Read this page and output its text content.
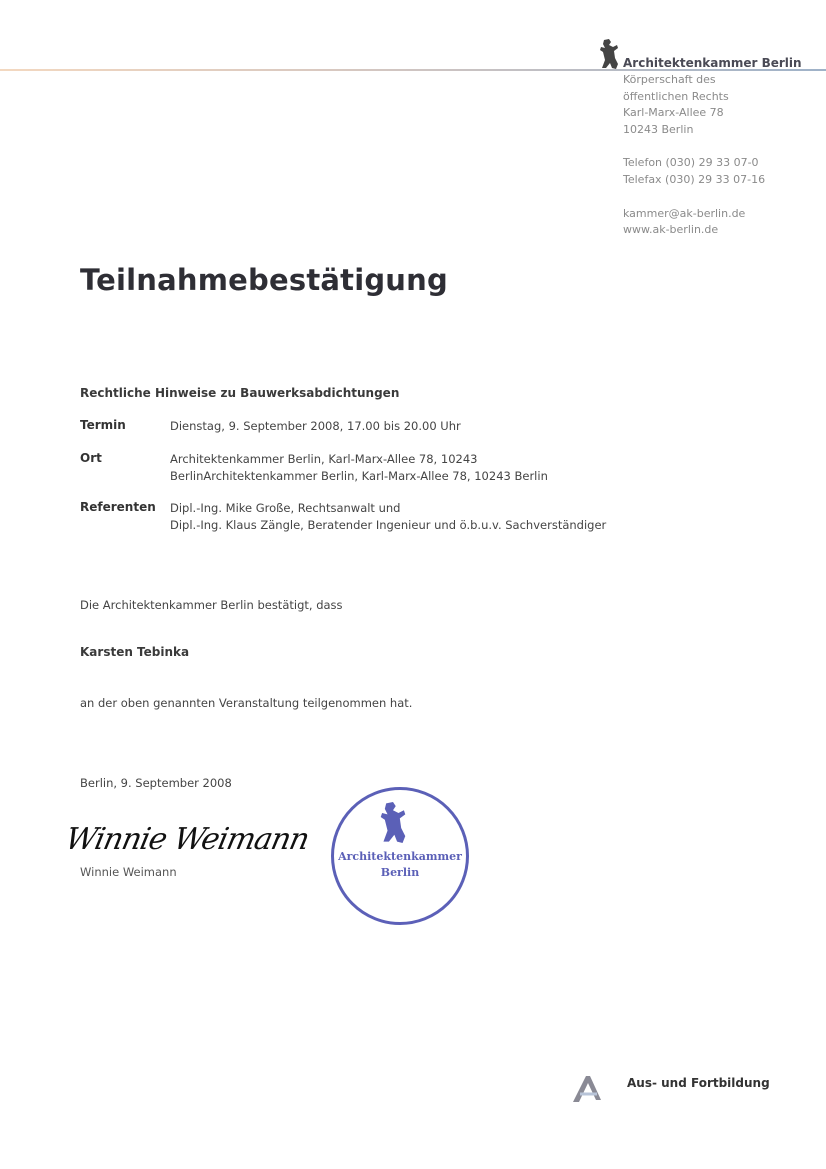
Architektenkammer Berlin
Körperschaft des
öffentlichen Rechts
Karl-Marx-Allee 78
10243 Berlin
Telefon (030) 29 33 07-0
Telefax (030) 29 33 07-16
kammer@ak-berlin.de
www.ak-berlin.de
Teilnahmebestätigung
Rechtliche Hinweise zu Bauwerksabdichtungen
Termin	Dienstag, 9. September 2008, 17.00 bis 20.00 Uhr
Ort	Architektenkammer Berlin, Karl-Marx-Allee 78, 10243
BerlinArchitektenkammer Berlin, Karl-Marx-Allee 78, 10243 Berlin
Referenten Dipl.-Ing. Mike Große, Rechtsanwalt und
Dipl.-Ing. Klaus Zängle, Beratender Ingenieur und ö.b.u.v. Sachverständiger
Die Architektenkammer Berlin bestätigt, dass
Karsten Tebinka
an der oben genannten Veranstaltung teilgenommen hat.
Berlin, 9. September 2008
Winnie Weimann
Winnie Weimann
Architektenkammer
Berlin
Aus- und Fortbildung
